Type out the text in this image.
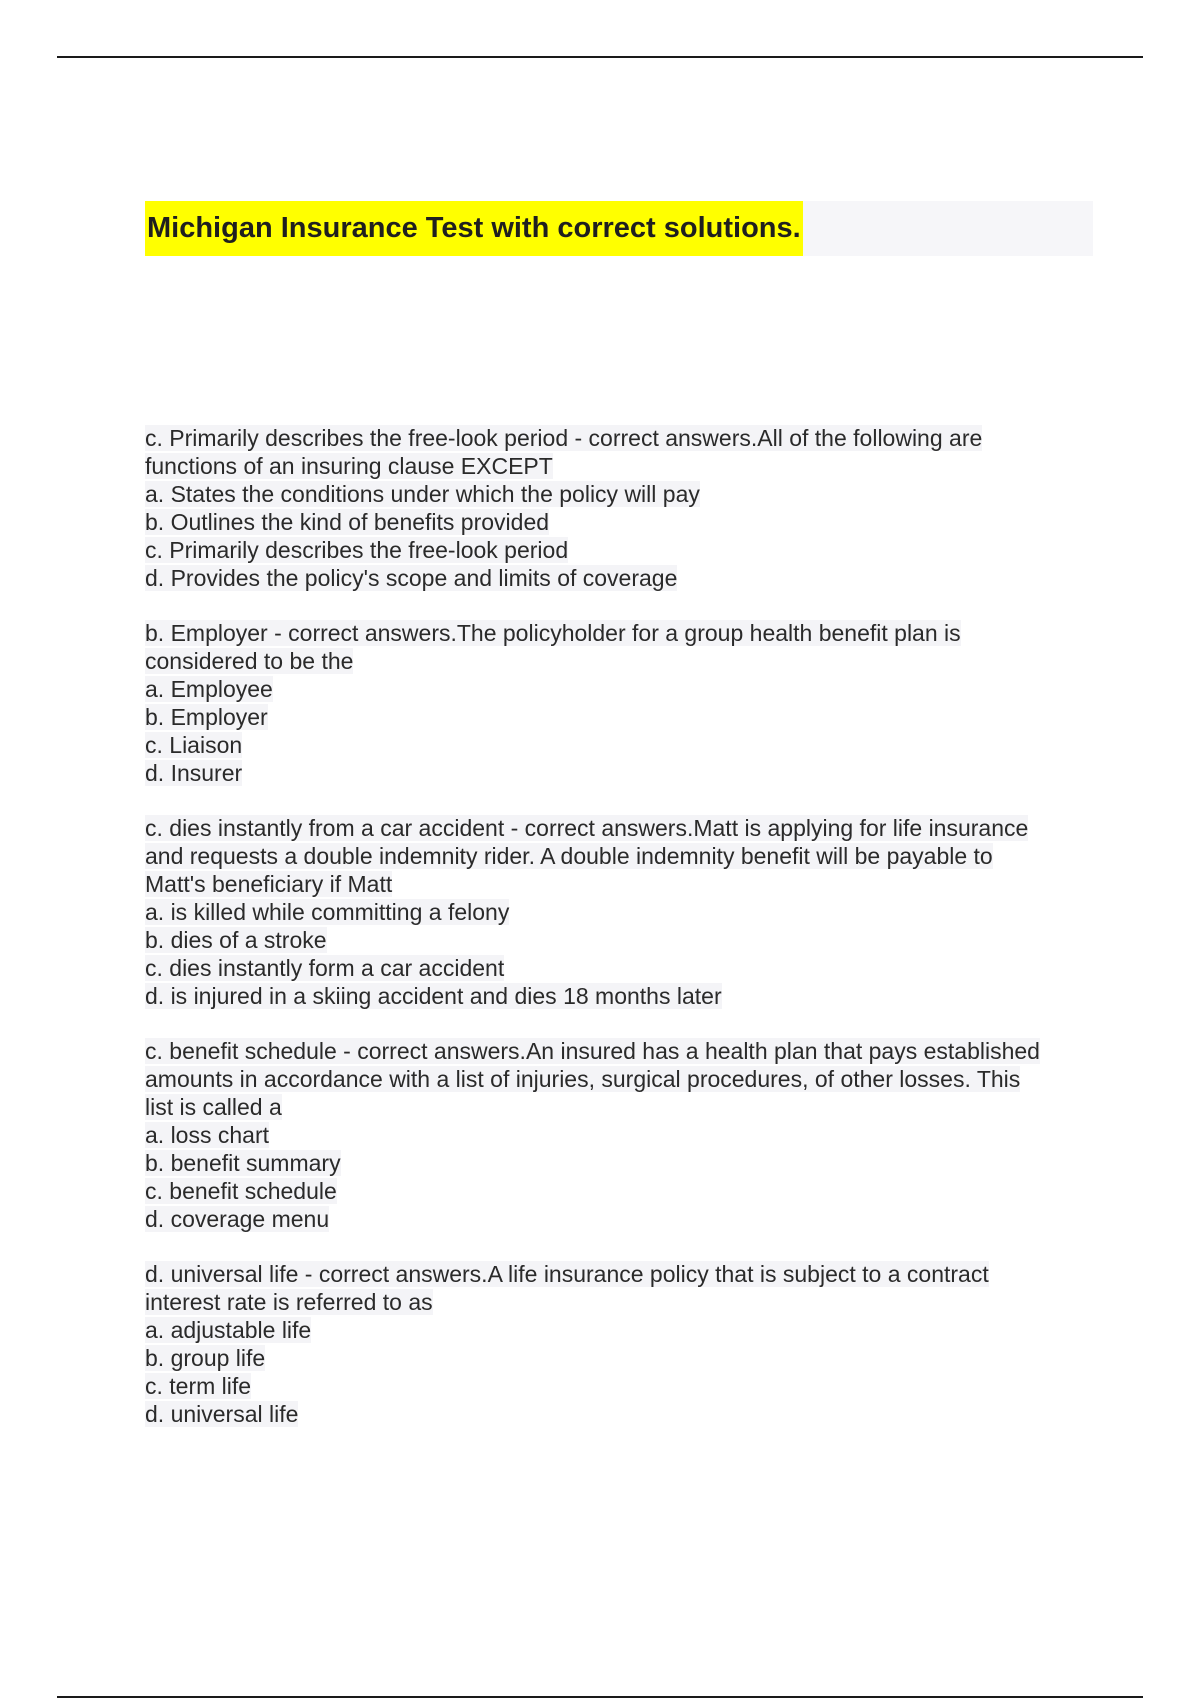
Michigan Insurance Test with correct solutions.
c. Primarily describes the free-look period - correct answers.All of the following are
functions of an insuring clause EXCEPT
a. States the conditions under which the policy will pay
b. Outlines the kind of benefits provided
c. Primarily describes the free-look period
d. Provides the policy's scope and limits of coverage
b. Employer - correct answers.The policyholder for a group health benefit plan is
considered to be the
a. Employee
b. Employer
c. Liaison
d. Insurer
c. dies instantly from a car accident - correct answers.Matt is applying for life insurance
and requests a double indemnity rider. A double indemnity benefit will be payable to
Matt's beneficiary if Matt
a. is killed while committing a felony
b. dies of a stroke
c. dies instantly form a car accident
d. is injured in a skiing accident and dies 18 months later
c. benefit schedule - correct answers.An insured has a health plan that pays established
amounts in accordance with a list of injuries, surgical procedures, of other losses. This
list is called a
a. loss chart
b. benefit summary
c. benefit schedule
d. coverage menu
d. universal life - correct answers.A life insurance policy that is subject to a contract
interest rate is referred to as
a. adjustable life
b. group life
c. term life
d. universal life
